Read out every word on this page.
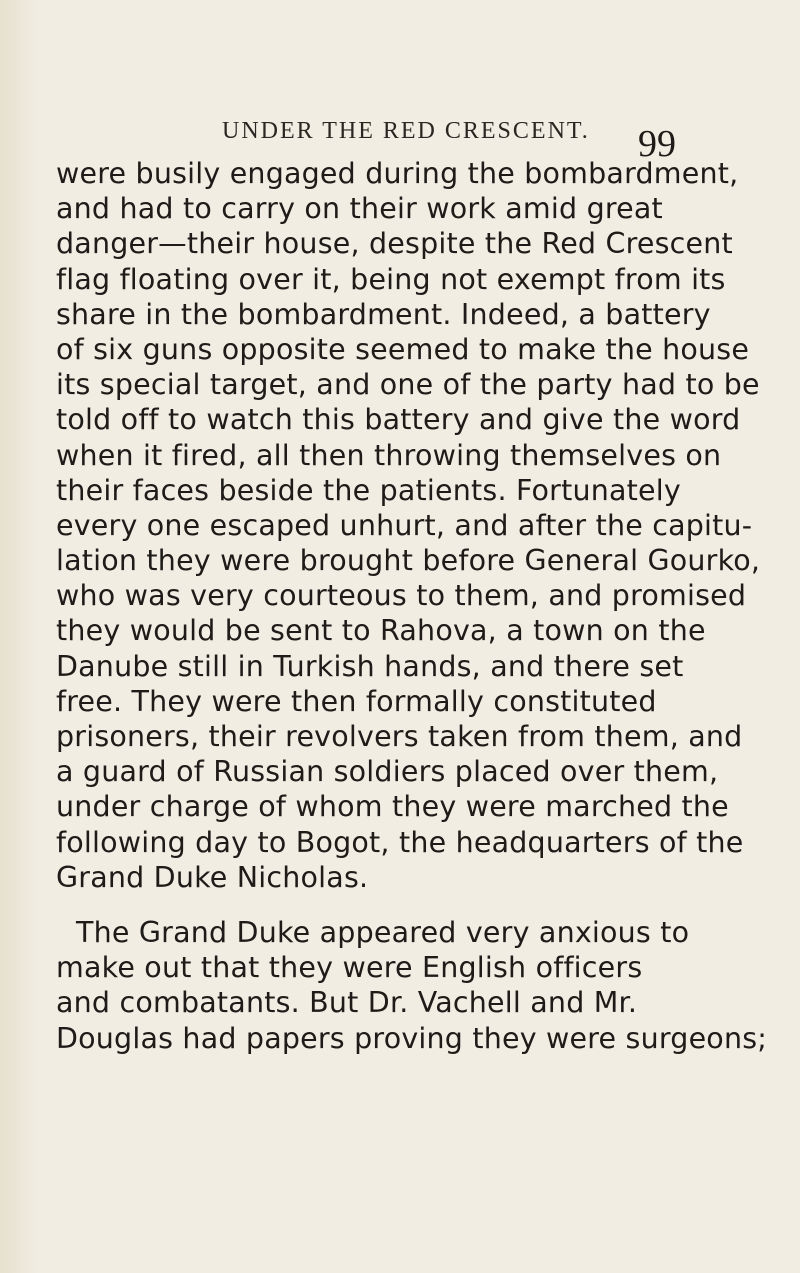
UNDER THE RED CRESCENT. 99
were busily engaged during the bombardment,
and had to carry on their work amid great
danger—their house, despite the Red Crescent
flag floating over it, being not exempt from its
share in the bombardment. Indeed, a battery
of six guns opposite seemed to make the house
its special target, and one of the party had to be
told off to watch this battery and give the word
when it fired, all then throwing themselves on
their faces beside the patients. Fortunately
every one escaped unhurt, and after the capitu-
lation they were brought before General Gourko,
who was very courteous to them, and promised
they would be sent to Rahova, a town on the
Danube still in Turkish hands, and there set
free. They were then formally constituted
prisoners, their revolvers taken from them, and
a guard of Russian soldiers placed over them,
under charge of whom they were marched the
following day to Bogot, the headquarters of the
Grand Duke Nicholas.
The Grand Duke appeared very anxious to
make out that they were English officers
and combatants. But Dr. Vachell and Mr.
Douglas had papers proving they were surgeons;
